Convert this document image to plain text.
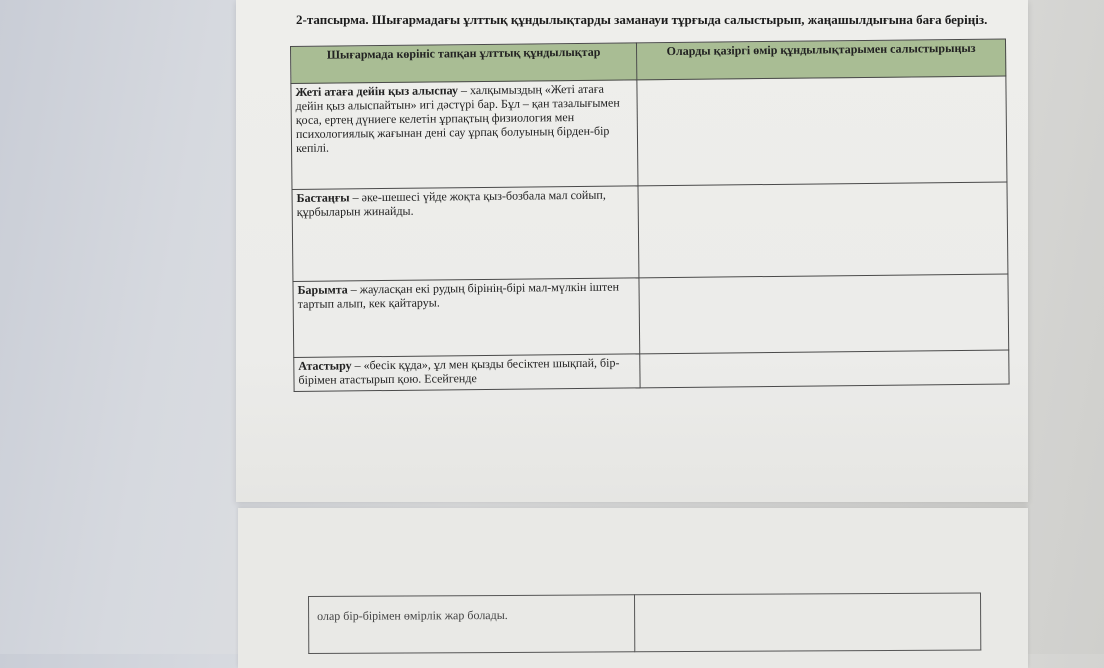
2-тапсырма. Шығармадағы ұлттық құндылықтарды заманауи тұрғыда салыстырып, жаңашылдығына баға беріңіз.
Шығармада көрініс тапқан ұлттық құндылықтар	Оларды қазіргі өмір құндылықтарымен салыстырыңыз
Жеті атаға дейін қыз алыспау – халқымыздың «Жеті атаға дейін қыз алыспайтын» игі дәстүрі бар. Бұл – қан тазалығымен қоса, ертең дүниеге келетін ұрпақтың физиология мен психологиялық жағынан дені сау ұрпақ болуының бірден-бір кепілі.	
Бастаңғы – әке-шешесі үйде жоқта қыз-бозбала мал сойып, құрбыларын жинайды.	
Барымта – жауласқан екі рудың бірінің-бірі мал-мүлкін іштен тартып алып, кек қайтаруы.	
Атастыру – «бесік құда», ұл мен қызды бесіктен шықпай, бір-бірімен атастырып қою. Есейгенде	
олар бір-бірімен өмірлік жар болады.	
